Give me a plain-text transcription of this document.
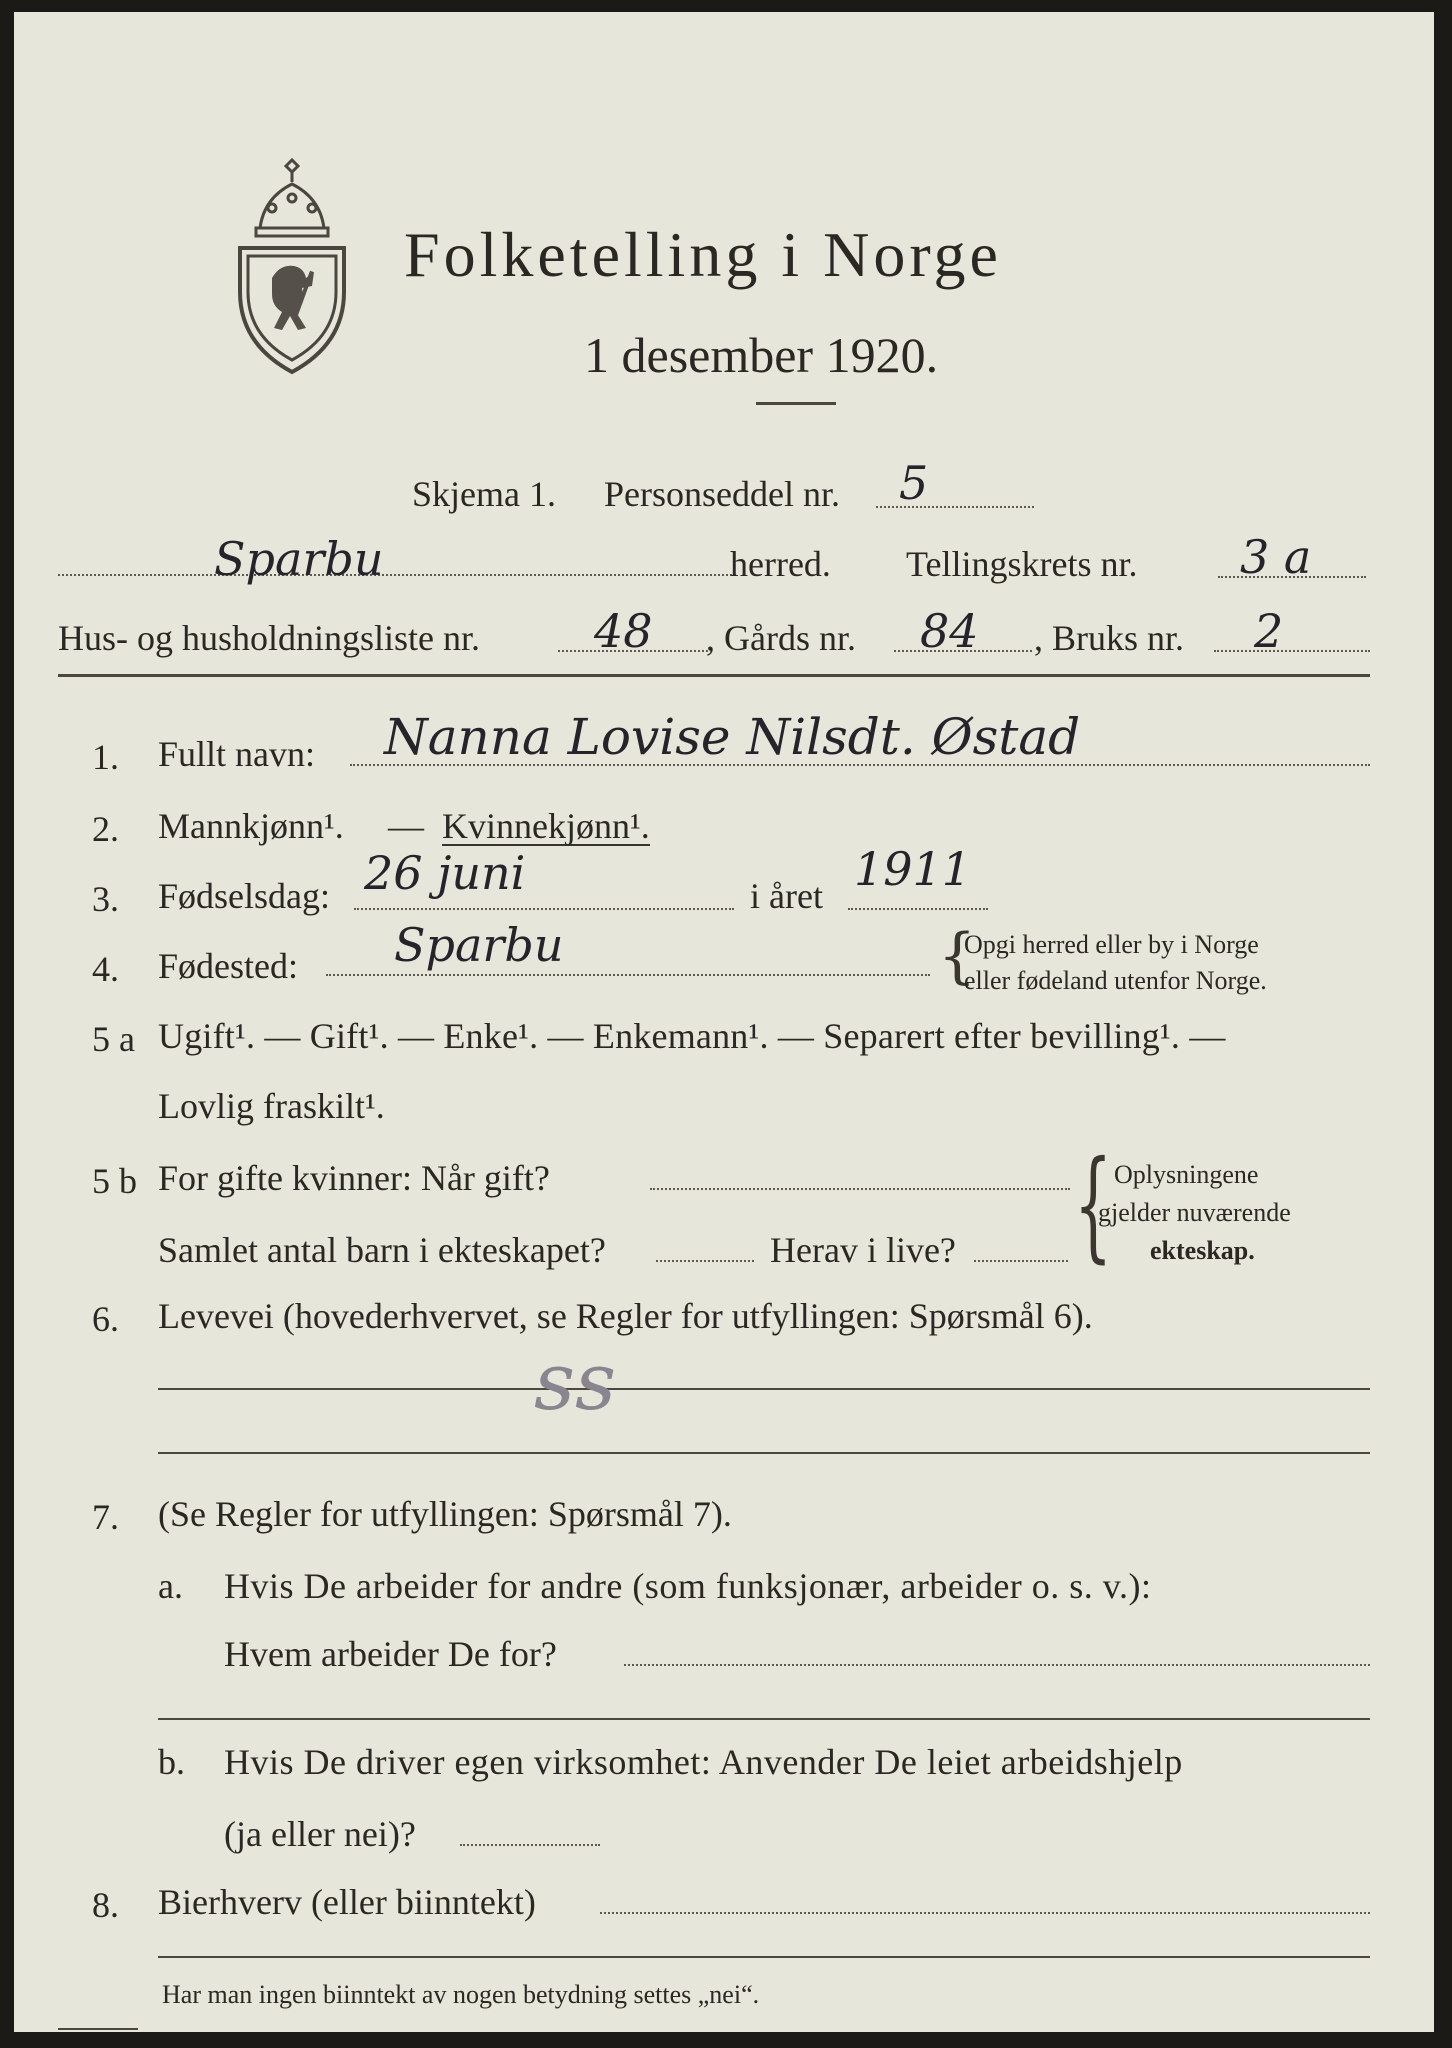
Folketelling i Norge
1 desember 1920.
Skjema 1. Personseddel nr. 5
Sparbu	herred. Tellingskrets nr. 3 a
Hus- og husholdningsliste nr. 48 , Gårds nr. 84 , Bruks nr. 2
1. Fullt navn: Nanna Lovise Nilsdt. Østad
2. Mannkjønn¹. — Kvinnekjønn¹.
3. Fødselsdag: 26 juni	i året 1911
4. Fødested: Sparbu	{
Opgi herred eller by i Norge
eller fødeland utenfor Norge.
5 a Ugift¹. — Gift¹. — Enke¹. — Enkemann¹. — Separert efter bevilling¹. —
Lovlig fraskilt¹.
5 b For gifte kvinner: Når gift?
Samlet antal barn i ekteskapet?	Herav i live? { Oplysningene
gjelder nuværende
ekteskap.
6. Levevei (hovederhvervet, se Regler for utfyllingen: Spørsmål 6).
ss
7. (Se Regler for utfyllingen: Spørsmål 7).
a. Hvis De arbeider for andre (som funksjonær, arbeider o. s. v.):
Hvem arbeider De for?
b. Hvis De driver egen virksomhet: Anvender De leiet arbeidshjelp
(ja eller nei)?
8. Bierhverv (eller biinntekt)
Har man ingen biinntekt av nogen betydning settes „nei“.
